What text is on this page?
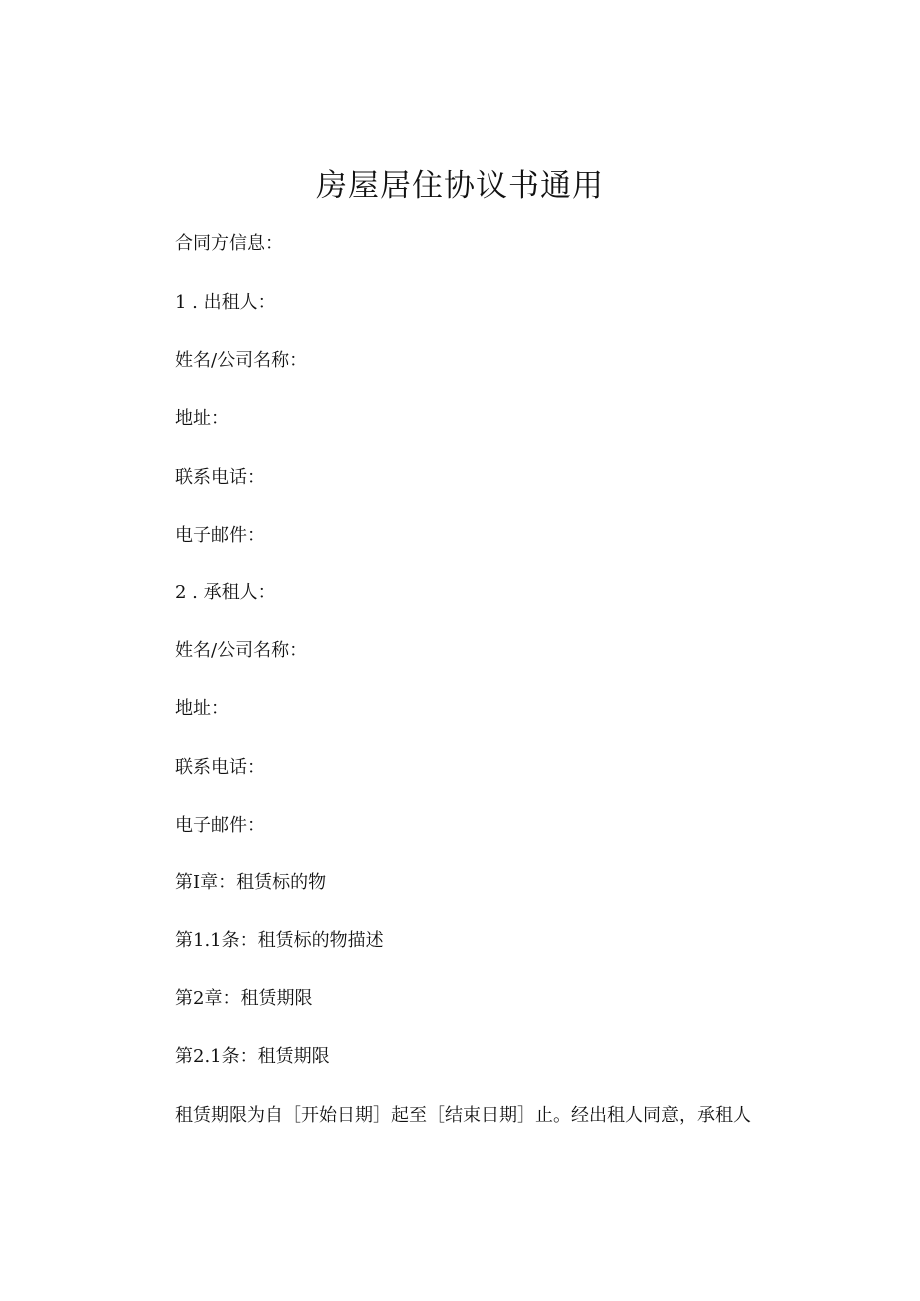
房屋居住协议书通用

合同方信息：

1 . 出租人：

姓名/公司名称：

地址：

联系电话：

电子邮件：

2 . 承租人：

姓名/公司名称：

地址：

联系电话：

电子邮件：

第Ⅰ章：租赁标的物

第1.1条：租赁标的物描述

第2章：租赁期限

第2.1条：租赁期限

租赁期限为自［开始日期］起至［结束日期］止。经出租人同意，承租人
